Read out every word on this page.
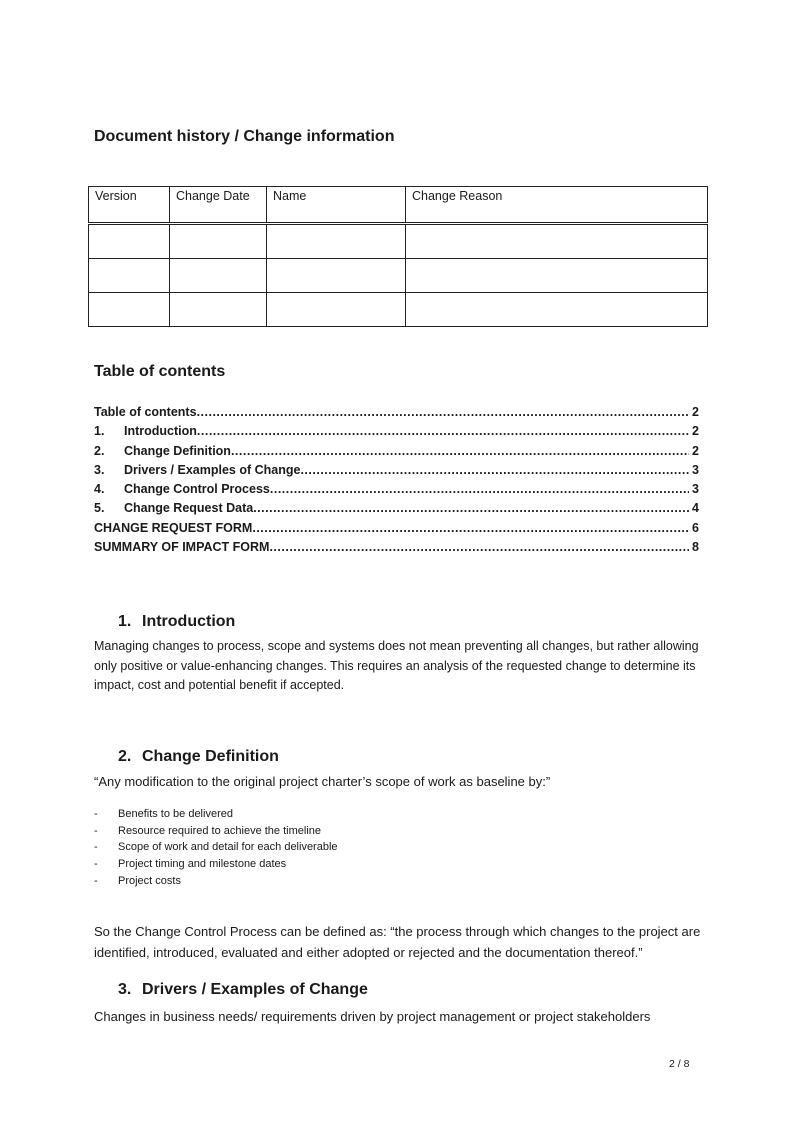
Document history / Change information
Version	Change Date	Name	Change Reason

Table of contents
Table of contents .....	2
1.	Introduction .....	2
2.	Change Definition .....	2
3.	Drivers / Examples of Change .....	3
4.	Change Control Process .....	3
5.	Change Request Data .....	4
CHANGE REQUEST FORM .....	6
SUMMARY OF IMPACT FORM .....	8
1. Introduction

Managing changes to process, scope and systems does not mean preventing all changes, but rather allowing only positive or value-enhancing changes. This requires an analysis of the requested change to determine its impact, cost and potential benefit if accepted.

2. Change Definition

“Any modification to the original project charter’s scope of work as baseline by:”

-	Benefits to be delivered
-	Resource required to achieve the timeline
-	Scope of work and detail for each deliverable
-	Project timing and milestone dates
-	Project costs

So the Change Control Process can be defined as: “the process through which changes to the project are identified, introduced, evaluated and either adopted or rejected and the documentation thereof.”

3. Drivers / Examples of Change

Changes in business needs/ requirements driven by project management or project stakeholders

2 / 8
